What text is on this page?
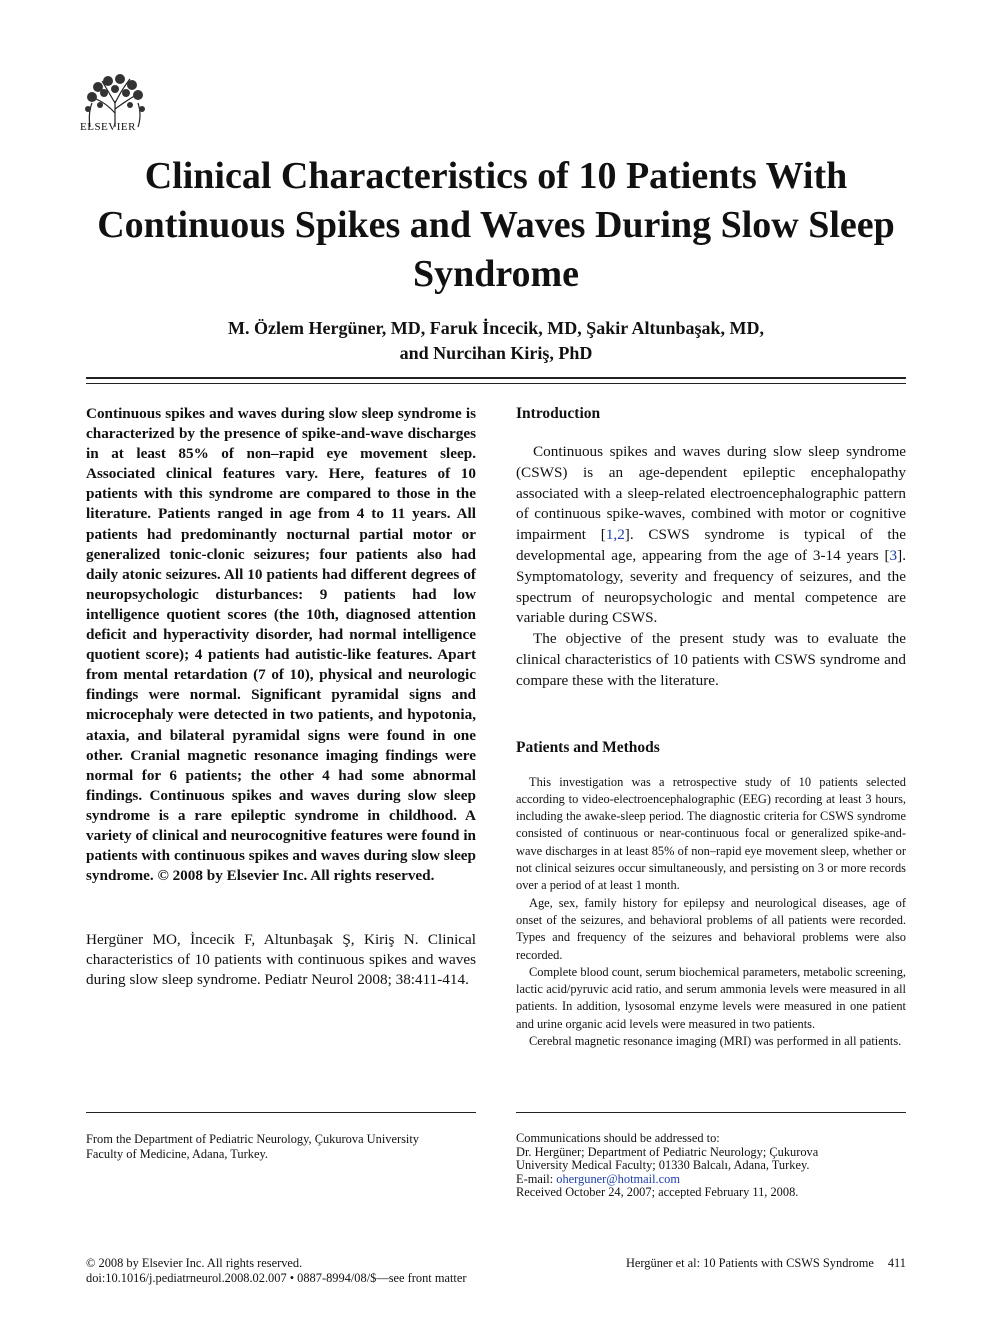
ELSEVIER
Clinical Characteristics of 10 Patients With Continuous Spikes and Waves During Slow Sleep Syndrome
M. Özlem Hergüner, MD, Faruk İncecik, MD, Şakir Altunbaşak, MD,
and Nurcihan Kiriş, PhD

Continuous spikes and waves during slow sleep syndrome is characterized by the presence of spike-and-wave discharges in at least 85% of non–rapid eye movement sleep. Associated clinical features vary. Here, features of 10 patients with this syndrome are compared to those in the literature. Patients ranged in age from 4 to 11 years. All patients had predominantly nocturnal partial motor or generalized tonic-clonic seizures; four patients also had daily atonic seizures. All 10 patients had different degrees of neuropsychologic disturbances: 9 patients had low intelligence quotient scores (the 10th, diagnosed attention deficit and hyperactivity disorder, had normal intelligence quotient score); 4 patients had autistic-like features. Apart from mental retardation (7 of 10), physical and neurologic findings were normal. Significant pyramidal signs and microcephaly were detected in two patients, and hypotonia, ataxia, and bilateral pyramidal signs were found in one other. Cranial magnetic resonance imaging findings were normal for 6 patients; the other 4 had some abnormal findings. Continuous spikes and waves during slow sleep syndrome is a rare epileptic syndrome in childhood. A variety of clinical and neurocognitive features were found in patients with continuous spikes and waves during slow sleep syndrome. © 2008 by Elsevier Inc. All rights reserved.

Hergüner MO, İncecik F, Altunbaşak Ş, Kiriş N. Clinical characteristics of 10 patients with continuous spikes and waves during slow sleep syndrome. Pediatr Neurol 2008; 38:411-414.
Introduction

Continuous spikes and waves during slow sleep syndrome (CSWS) is an age-dependent epileptic encephalopathy associated with a sleep-related electroencephalographic pattern of continuous spike-waves, combined with motor or cognitive impairment [1,2]. CSWS syndrome is typical of the developmental age, appearing from the age of 3-14 years [3]. Symptomatology, severity and frequency of seizures, and the spectrum of neuropsychologic and mental competence are variable during CSWS.

The objective of the present study was to evaluate the clinical characteristics of 10 patients with CSWS syndrome and compare these with the literature.

Patients and Methods

This investigation was a retrospective study of 10 patients selected according to video-electroencephalographic (EEG) recording at least 3 hours, including the awake-sleep period. The diagnostic criteria for CSWS syndrome consisted of continuous or near-continuous focal or generalized spike-and-wave discharges in at least 85% of non–rapid eye movement sleep, whether or not clinical seizures occur simultaneously, and persisting on 3 or more records over a period of at least 1 month.

Age, sex, family history for epilepsy and neurological diseases, age of onset of the seizures, and behavioral problems of all patients were recorded. Types and frequency of the seizures and behavioral problems were also recorded.

Complete blood count, serum biochemical parameters, metabolic screening, lactic acid/pyruvic acid ratio, and serum ammonia levels were measured in all patients. In addition, lysosomal enzyme levels were measured in one patient and urine organic acid levels were measured in two patients.

Cerebral magnetic resonance imaging (MRI) was performed in all patients.

From the Department of Pediatric Neurology, Çukurova University
Faculty of Medicine, Adana, Turkey.
Communications should be addressed to:
Dr. Hergüner; Department of Pediatric Neurology; Çukurova
University Medical Faculty; 01330 Balcalı, Adana, Turkey.
E-mail: oherguner@hotmail.com
Received October 24, 2007; accepted February 11, 2008.
© 2008 by Elsevier Inc. All rights reserved.
doi:10.1016/j.pediatrneurol.2008.02.007 • 0887-8994/08/$—see front matter
Hergüner et al: 10 Patients with CSWS Syndrome 411
